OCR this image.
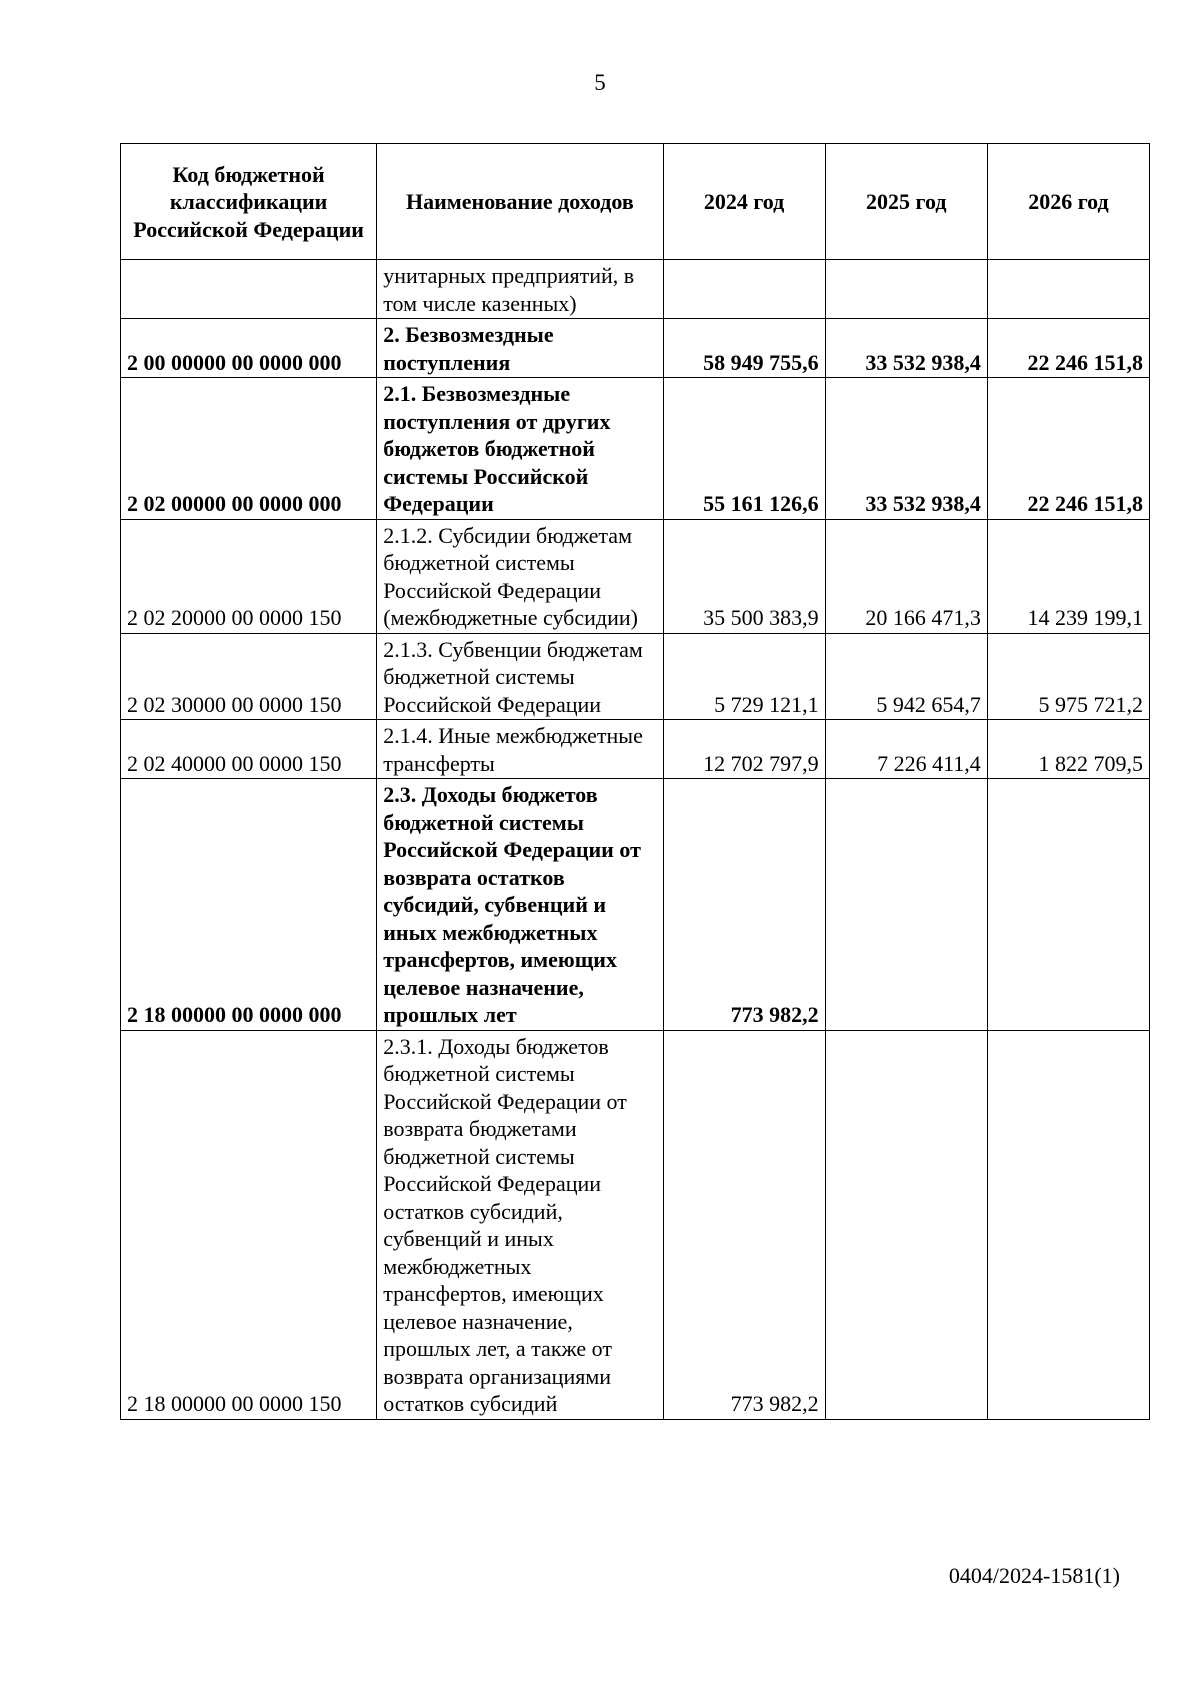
5
Код бюджетной классификации Российской Федерации	Наименование доходов	2024 год	2025 год	2026 год
	унитарных предприятий, в том числе казенных)			
2 00 00000 00 0000 000	2. Безвозмездные поступления	58 949 755,6	33 532 938,4	22 246 151,8
2 02 00000 00 0000 000	2.1. Безвозмездные поступления от других бюджетов бюджетной системы Российской Федерации	55 161 126,6	33 532 938,4	22 246 151,8
2 02 20000 00 0000 150	2.1.2. Субсидии бюджетам бюджетной системы Российской Федерации (межбюджетные субсидии)	35 500 383,9	20 166 471,3	14 239 199,1
2 02 30000 00 0000 150	2.1.3. Субвенции бюджетам бюджетной системы Российской Федерации	5 729 121,1	5 942 654,7	5 975 721,2
2 02 40000 00 0000 150	2.1.4. Иные межбюджетные трансферты	12 702 797,9	7 226 411,4	1 822 709,5
2 18 00000 00 0000 000	2.3. Доходы бюджетов бюджетной системы Российской Федерации от возврата остатков субсидий, субвенций и иных межбюджетных трансфертов, имеющих целевое назначение, прошлых лет	773 982,2		
2 18 00000 00 0000 150	2.3.1. Доходы бюджетов бюджетной системы Российской Федерации от возврата бюджетами бюджетной системы Российской Федерации остатков субсидий, субвенций и иных межбюджетных трансфертов, имеющих целевое назначение, прошлых лет, а также от возврата организациями остатков субсидий	773 982,2		
0404/2024-1581(1)
